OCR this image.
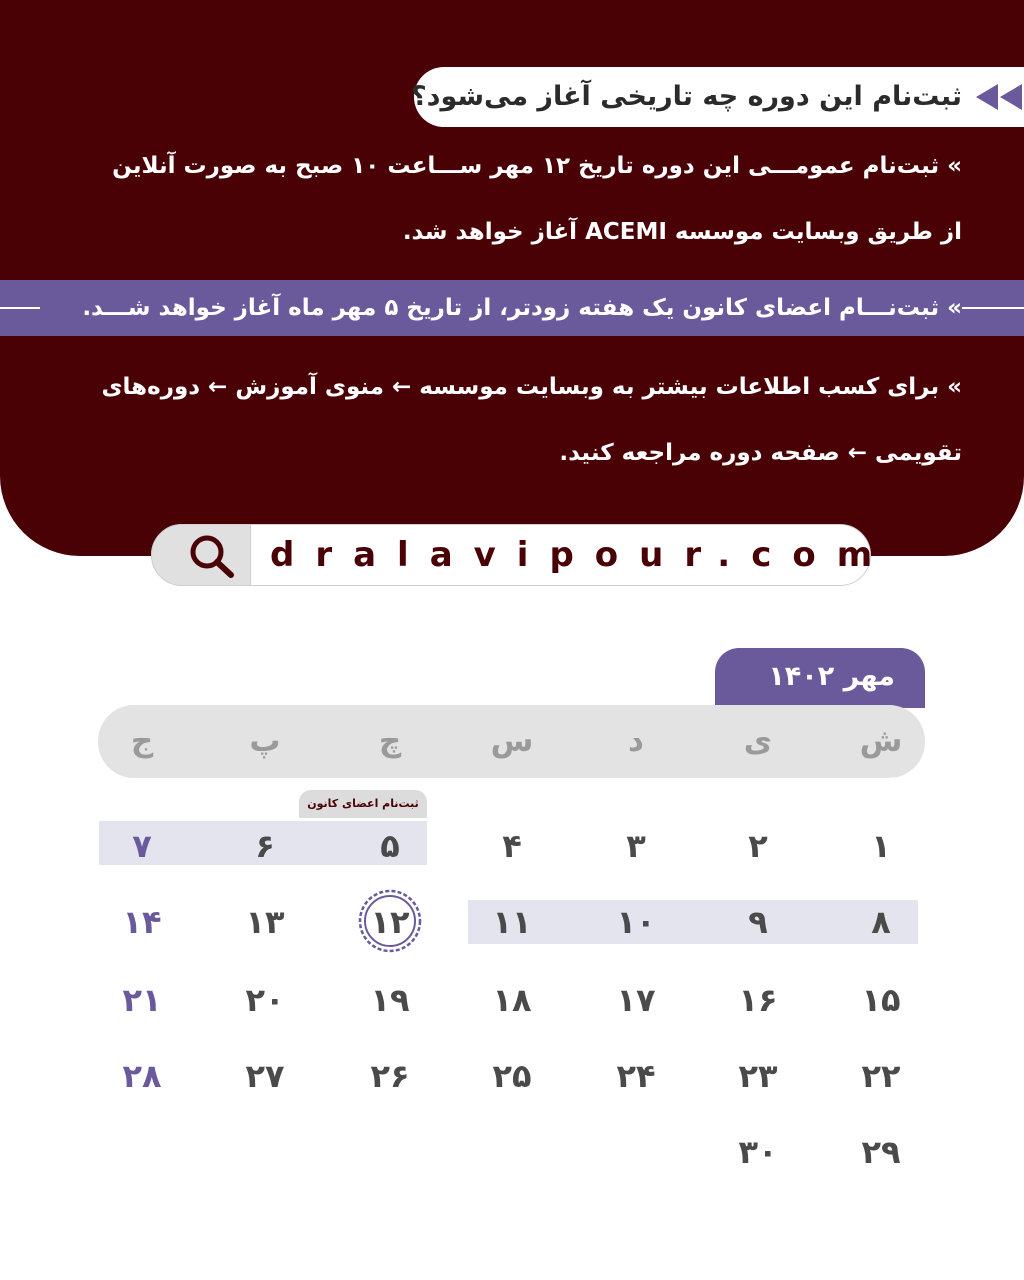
ثبت‌نام این دوره چه تاریخی آغاز می‌شود؟
» ثبت‌نام عمومـــی این دوره تاریخ ۱۲ مهر ســـاعت ۱۰ صبح به صورت آنلاین
از طریق وبسایت موسسه ACEMI آغاز خواهد شد.
» ثبت‌نـــام اعضای کانون یک هفته زودتر، از تاریخ ۵ مهر ماه آغاز خواهد شـــد.
» برای کسب اطلاعات بیشتر به وبسایت موسسه ← منوی آموزش ← دوره‌های
تقویمی ← صفحه دوره مراجعه کنید.
dralavipour.com
مهر ۱۴۰۲
ثبت‌نام اعضای کانون
ش
ی
د
س
چ
پ
ج
۱
۲
۳
۴
۵
۶
۷
۸
۹
۱۰
۱۱
۱۲
۱۳
۱۴
۱۵
۱۶
۱۷
۱۸
۱۹
۲۰
۲۱
۲۲
۲۳
۲۴
۲۵
۲۶
۲۷
۲۸
۲۹
۳۰
